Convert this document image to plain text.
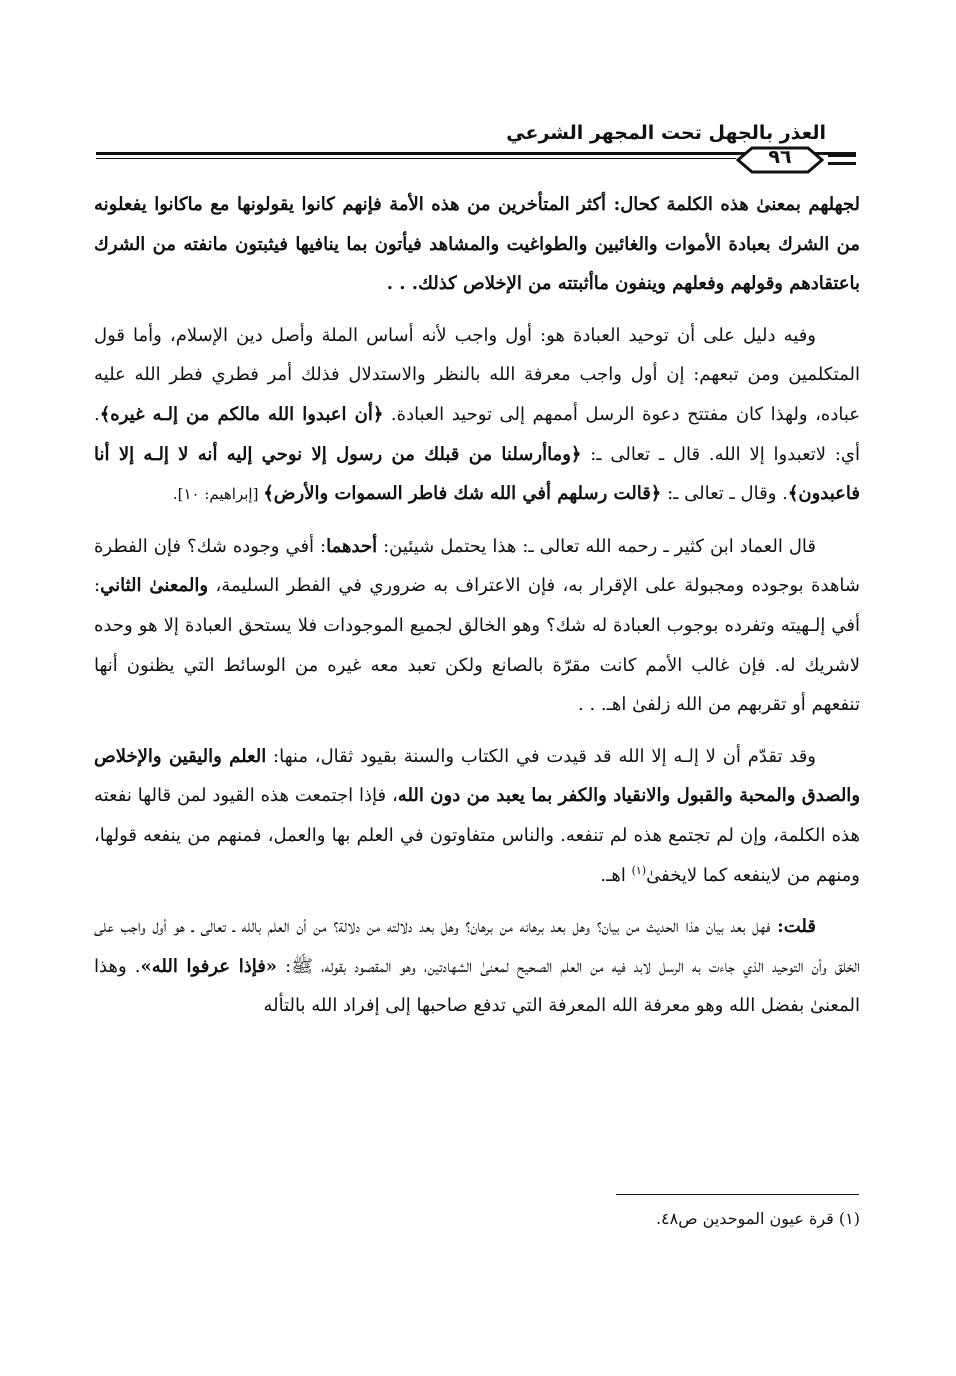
العذر بالجهل تحت المجهر الشرعي
٩٦

لجهلهم بمعنىٰ هذه الكلمة كحال: أكثر المتأخرين من هذه الأمة فإنهم كانوا يقولونها مع ماكانوا يفعلونه من الشرك بعبادة الأموات والغائبين والطواغيت والمشاهد فيأتون بما ينافيها فيثبتون مانفته من الشرك باعتقادهم وقولهم وفعلهم وينفون ماأثبتته من الإخلاص كذلك. . .

وفيه دليل على أن توحيد العبادة هو: أول واجب لأنه أساس الملة وأصل دين الإسلام، وأما قول المتكلمين ومن تبعهم: إن أول واجب معرفة الله بالنظر والاستدلال فذلك أمر فطري فطر الله عليه عباده، ولهذا كان مفتتح دعوة الرسل أممهم إلى توحيد العبادة. ﴿أن اعبدوا الله مالكم من إلـه غيره﴾. أي: لاتعبدوا إلا الله. قال ـ تعالى ـ: ﴿وماأرسلنا من قبلك من رسول إلا نوحي إليه أنه لا إلـه إلا أنا فاعبدون﴾. وقال ـ تعالى ـ: ﴿قالت رسلهم أفي الله شك فاطر السموات والأرض﴾ [إبراهيم: ١٠].

قال العماد ابن كثير ـ رحمه الله تعالى ـ: هذا يحتمل شيئين: أحدهما: أفي وجوده شك؟ فإن الفطرة شاهدة بوجوده ومجبولة على الإقرار به، فإن الاعتراف به ضروري في الفطر السليمة، والمعنىٰ الثاني: أفي إلـهيته وتفرده بوجوب العبادة له شك؟ وهو الخالق لجميع الموجودات فلا يستحق العبادة إلا هو وحده لاشريك له. فإن غالب الأمم كانت مقرّة بالصانع ولكن تعبد معه غيره من الوسائط التي يظنون أنها تنفعهم أو تقربهم من الله زلفىٰ اهـ. . .

وقد تقدّم أن لا إلـه إلا الله قد قيدت في الكتاب والسنة بقيود ثقال، منها: العلم واليقين والإخلاص والصدق والمحبة والقبول والانقياد والكفر بما يعبد من دون الله، فإذا اجتمعت هذه القيود لمن قالها نفعته هذه الكلمة، وإن لم تجتمع هذه لم تنفعه. والناس متفاوتون في العلم بها والعمل، فمنهم من ينفعه قولها، ومنهم من لاينفعه كما لايخفىٰ$^{(١)}$ اهـ.

قلت: فهل بعد بيان هذا الحديث من بيان؟ وهل بعد برهانه من برهان؟ وهل بعد دلالته من دلالة؟ من أن العلم بالله ـ تعالى ـ هو أول واجب على الخلق وأن التوحيد الذي جاءت به الرسل لابد فيه من العلم الصحيح لمعنىٰ الشهادتين، وهو المقصود بقوله، ﷺ: «فإذا عرفوا الله». وهذا المعنىٰ بفضل الله وهو معرفة الله المعرفة التي تدفع صاحبها إلى إفراد الله بالتأله

(١) قرة عيون الموحدين ص٤٨.
